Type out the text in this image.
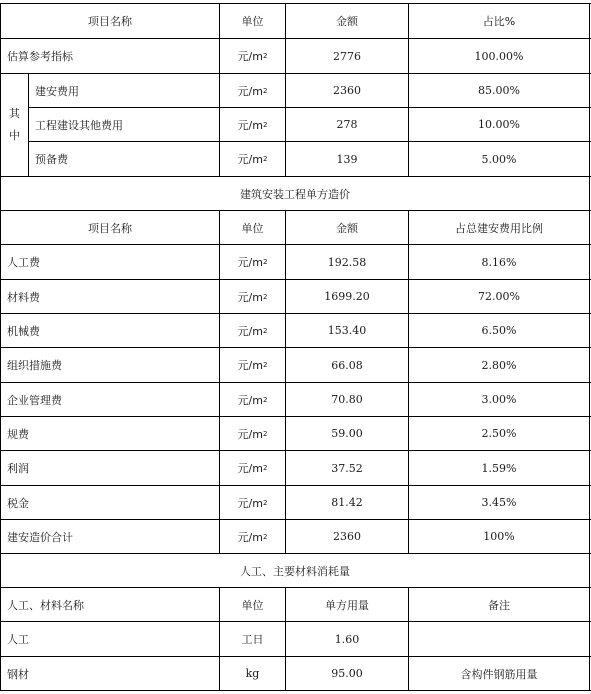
项目名称	单位	金额	占比%
估算参考指标	元/m 2	2776	100.00%
其
中
建安费用	元/m 2	2360	85.00%
工程建设其他费用	元/m 2	278	10.00%
预备费	元/m 2	139	5.00%
建筑安装工程单方造价
项目名称	单位	金额	占总建安费用比例
人工费	元/m 2	192.58	8.16%
材料费	元/m 2	1699.20	72.00%
机械费	元/m 2	153.40	6.50%
组织措施费	元/m 2	66.08	2.80%
企业管理费	元/m 2	70.80	3.00%
规费	元/m 2	59.00	2.50%
利润	元/m 2	37.52	1.59%
税金	元/m 2	81.42	3.45%
建安造价合计	元/m 2	2360	100%
人工、主要材料消耗量
人工、材料名称	单位	单方用量	备注
人工	工日	1.60
钢材	kg	95.00	含构件钢筋用量
